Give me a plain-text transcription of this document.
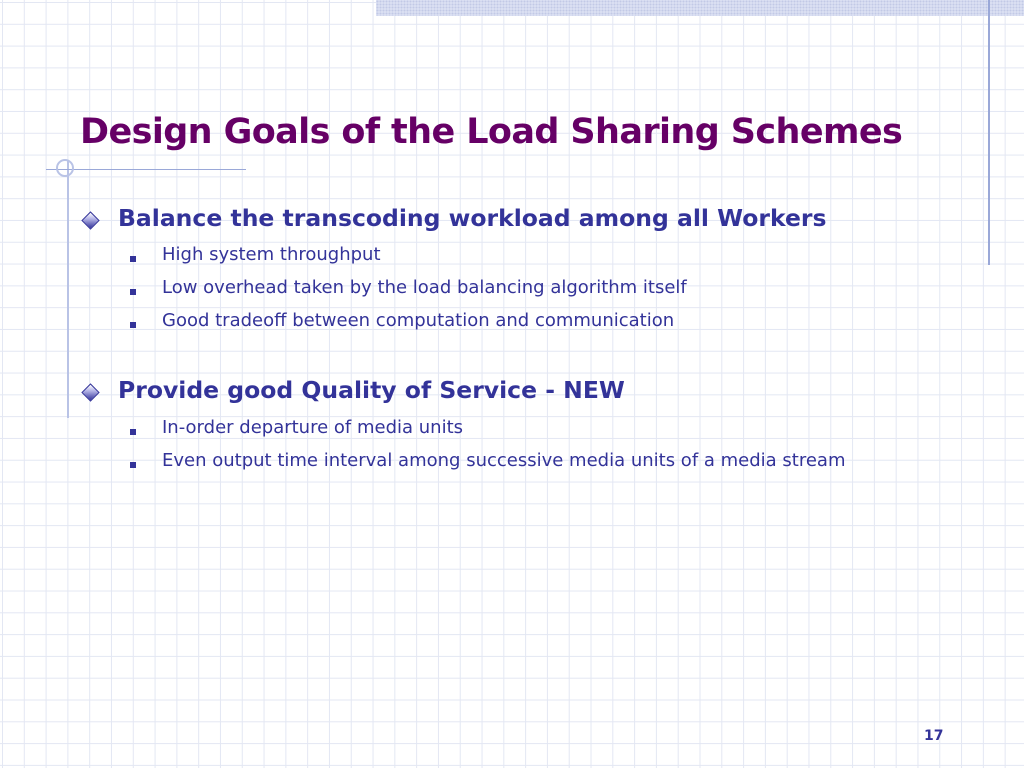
Design Goals of the Load Sharing Schemes
Balance the transcoding workload among all Workers
High system throughput
Low overhead taken by the load balancing algorithm itself
Good tradeoff between computation and communication
Provide good Quality of Service - NEW
In-order departure of media units
Even output time interval among successive media units of a media stream
17
